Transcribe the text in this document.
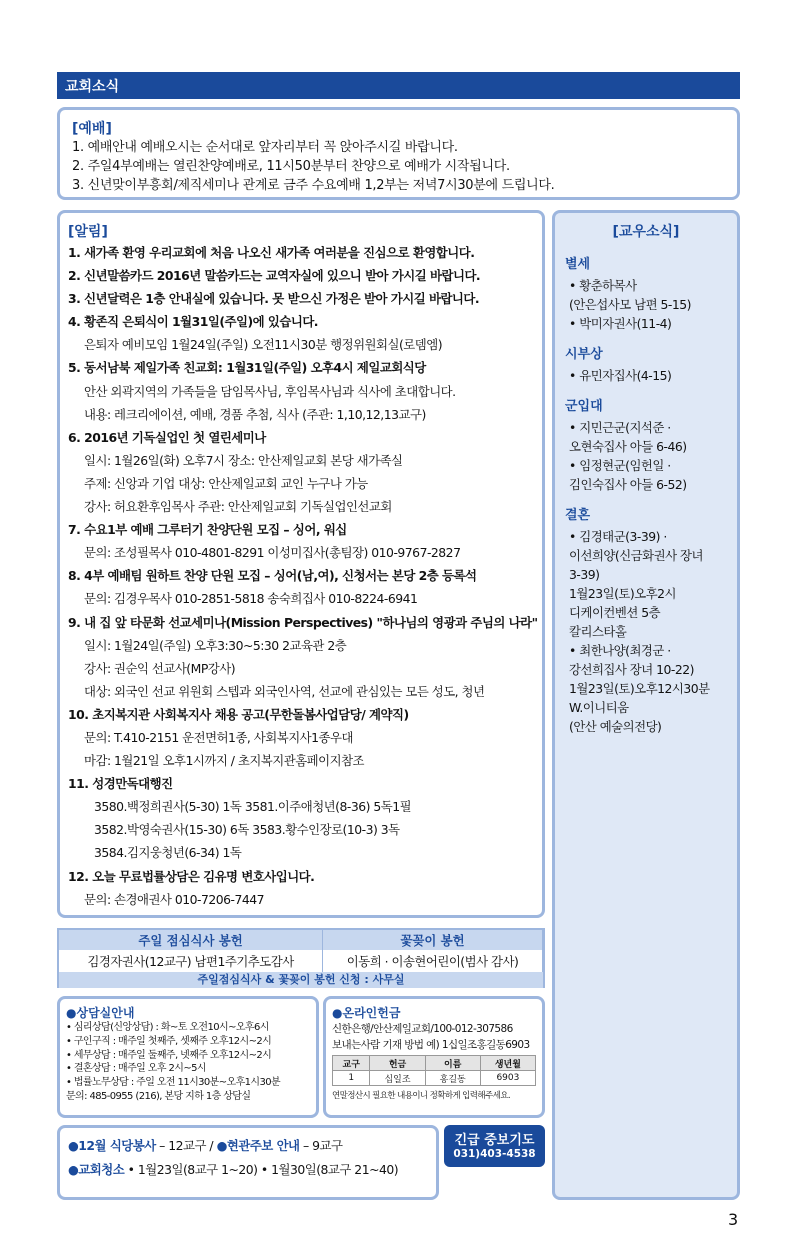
교회소식
[예배]
1. 예배안내 예배오시는 순서대로 앞자리부터 꼭 앉아주시길 바랍니다.
2. 주일4부예배는 열린찬양예배로, 11시50분부터 찬양으로 예배가 시작됩니다.
3. 신년맞이부흥회/제직세미나 관계로 금주 수요예배 1,2부는 저녁7시30분에 드립니다.
[알림]
1. 새가족 환영 우리교회에 처음 나오신 새가족 여러분을 진심으로 환영합니다.
2. 신년말씀카드 2016년 말씀카드는 교역자실에 있으니 받아 가시길 바랍니다.
3. 신년달력은 1층 안내실에 있습니다. 못 받으신 가정은 받아 가시길 바랍니다.
4. 황존직 은퇴식이 1월31일(주일)에 있습니다.
은퇴자 예비모임 1월24일(주일) 오전11시30분 행정위원회실(로뎀엠)
5. 동서남북 제일가족 친교회: 1월31일(주일) 오후4시 제일교회식당
안산 외곽지역의 가족들을 담임목사님, 후임목사님과 식사에 초대합니다.
내용: 레크리에이션, 예배, 경품 추첨, 식사 (주관: 1,10,12,13교구)
6. 2016년 기독실업인 첫 열린세미나
일시: 1월26일(화) 오후7시 장소: 안산제일교회 본당 새가족실
주제: 신앙과 기업 대상: 안산제일교회 교인 누구나 가능
강사: 허요환후임목사 주관: 안산제일교회 기독실업인선교회
7. 수요1부 예배 그루터기 찬양단원 모집 – 싱어, 워십
문의: 조성필목사 010-4801-8291 이성미집사(총팀장) 010-9767-2827
8. 4부 예배팀 원하트 찬양 단원 모집 – 싱어(남,여), 신청서는 본당 2층 등록석
문의: 김경우목사 010-2851-5818 송숙희집사 010-8224-6941
9. 내 집 앞 타문화 선교세미나(Mission Perspectives) "하나님의 영광과 주님의 나라"
일시: 1월24일(주일) 오후3:30~5:30 2교육관 2층
강사: 권순익 선교사(MP강사)
대상: 외국인 선교 위원회 스텝과 외국인사역, 선교에 관심있는 모든 성도, 청년
10. 초지복지관 사회복지사 채용 공고(무한돌봄사업담당/ 계약직)
문의: T.410-2151 운전면허1종, 사회복지사1종우대
마감: 1월21일 오후1시까지 / 초지복지관홈페이지참조
11. 성경만독대행진
3580.백정희권사(5-30) 1독 3581.이주애청년(8-36) 5독1필
3582.박영숙권사(15-30) 6독 3583.황수인장로(10-3) 3독
3584.김지웅청년(6-34) 1독
12. 오늘 무료법률상담은 김유명 변호사입니다.
문의: 손경애권사 010-7206-7447
[교우소식]
별세
• 황춘하목사
(안은섭사모 남편 5-15)
• 박미자권사(11-4)
시부상
• 유민자집사(4-15)
군입대
• 지민근군(지석준 ·
오현숙집사 아들 6-46)
• 임정현군(임헌일 ·
김인숙집사 아들 6-52)
결혼
• 김경태군(3-39) ·
이선희양(신금화권사 장녀
3-39)
1월23일(토)오후2시
디케이컨벤션 5층
칼리스타홀
• 최한나양(최경군 ·
강선희집사 장녀 10-22)
1월23일(토)오후12시30분
W.이니티움
(안산 예술의전당)
주일 점심식사 봉헌	꽃꽂이 봉헌
김경자권사(12교구) 남편1주기추도감사	이동희 · 이송현어린이(범사 감사)
주일점심식사 & 꽃꽂이 봉헌 신청 : 사무실
●상담실안내
• 심리상담(신앙상담) : 화~토 오전10시~오후6시
• 구인구직 : 매주일 첫째주, 셋째주 오후12시~2시
• 세무상담 : 매주일 둘째주, 넷째주 오후12시~2시
• 결혼상담 : 매주일 오후 2시~5시
• 법률노무상담 : 주일 오전 11시30분~오후1시30분
문의: 485-0955 (216), 본당 지하 1층 상담실
●온라인헌금
신한은행/안산제일교회/100-012-307586
보내는사람 기재 방법 예) 1십일조홍길동6903
교구	헌금	이름	생년월
1	십일조	홍길동	6903
연말정산시 필요한 내용이니 정확하게 입력해주세요.
●12월 식당봉사 – 12교구 / ●현관주보 안내 – 9교구
●교회청소 • 1월23일(8교구 1~20) • 1월30일(8교구 21~40)
긴급 중보기도
031)403-4538
3
